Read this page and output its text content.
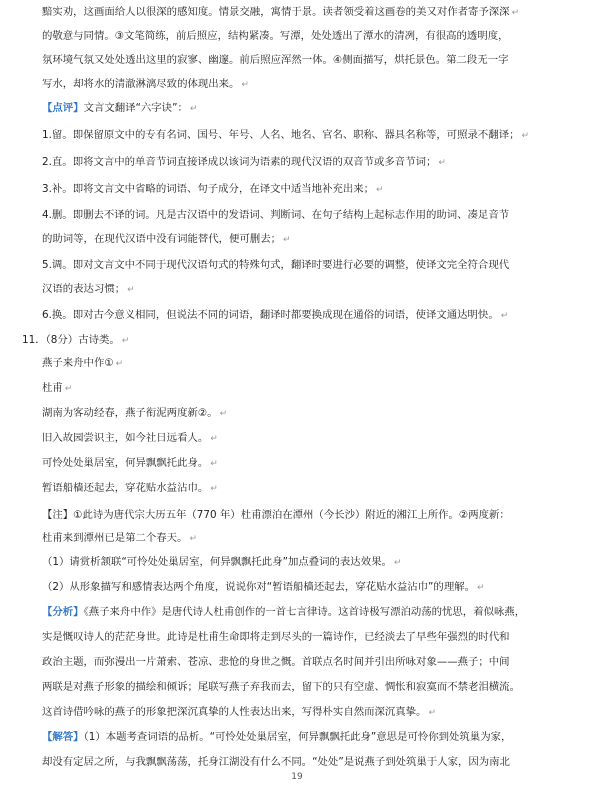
黯实劝，这画面给人以很深的感知度。情景交融，寓情于景。读者领受着这画卷的美又对作者寄予深深 ↵
的敬意与同情。③文笔简练，前后照应，结构紧凑。写潭，处处透出了潭水的清冽，有很高的透明度，
氛环境气氛又处处透出这里的寂寥、幽邃。前后照应浑然一体。④侧面描写，烘托景色。第二段无一字
写水，却将水的清澈淋漓尽致的体现出来。 ↵
【点评】文言文翻译“六字诀”： ↵
1.留。即保留原文中的专有名词、国号、年号、人名、地名、官名、职称、器具名称等，可照录不翻译； ↵
2.直。即将文言中的单音节词直接译成以该词为语素的现代汉语的双音节或多音节词； ↵
3.补。即将文言文中省略的词语、句子成分，在译文中适当地补充出来； ↵
4.删。即删去不译的词。凡是古汉语中的发语词、判断词、在句子结构上起标志作用的助词、凑足音节
的助词等，在现代汉语中没有词能替代，便可删去； ↵
5.调。即对文言文中不同于现代汉语句式的特殊句式，翻译时要进行必要的调整，使译文完全符合现代
汉语的表达习惯； ↵
6.换。即对古今意义相同，但说法不同的词语，翻译时都要换成现在通俗的词语，使译文通达明快。 ↵
11．（8分）古诗类。 ↵
燕子来舟中作① ↵
杜甫 ↵
湖南为客动经春，燕子衔泥两度新②。 ↵
旧入故园尝识主，如今社日远看人。 ↵
可怜处处巢居室，何异飘飘托此身。 ↵
暂语船樯还起去，穿花贴水益沾巾。 ↵
【注】①此诗为唐代宗大历五年（770 年）杜甫漂泊在潭州（今长沙）附近的湘江上所作。②两度新：
杜甫来到潭州已是第二个春天。 ↵
（1）请赏析颔联“可怜处处巢居室，何异飘飘托此身”加点叠词的表达效果。 ↵
（2）从形象描写和感情表达两个角度，说说你对“暂语船樯还起去，穿花贴水益沾巾”的理解。 ↵
【分析】《燕子来舟中作》是唐代诗人杜甫创作的一首七言律诗。这首诗极写漂泊动荡的忧思，着似咏燕，
实是慨叹诗人的茫茫身世。此诗是杜甫生命即将走到尽头的一篇诗作，已经淡去了早些年强烈的时代和
政治主题，而弥漫出一片萧索、苍凉、悲怆的身世之慨。首联点名时间并引出所咏对象——燕子；中间
两联是对燕子形象的描绘和倾诉；尾联写燕子弃我而去，留下的只有空虚、惆怅和寂寞而不禁老泪横流。
这首诗借吟咏的燕子的形象把深沉真挚的人性表达出来，写得朴实自然而深沉真挚。 ↵
【解答】（1）本题考查词语的品析。“可怜处处巢居室，何异飘飘托此身”意思是可怜你到处筑巢为家，
却没有定居之所，与我飘飘荡荡，托身江湖没有什么不同。“处处”是说燕子到处筑巢于人家，因为南北
19
